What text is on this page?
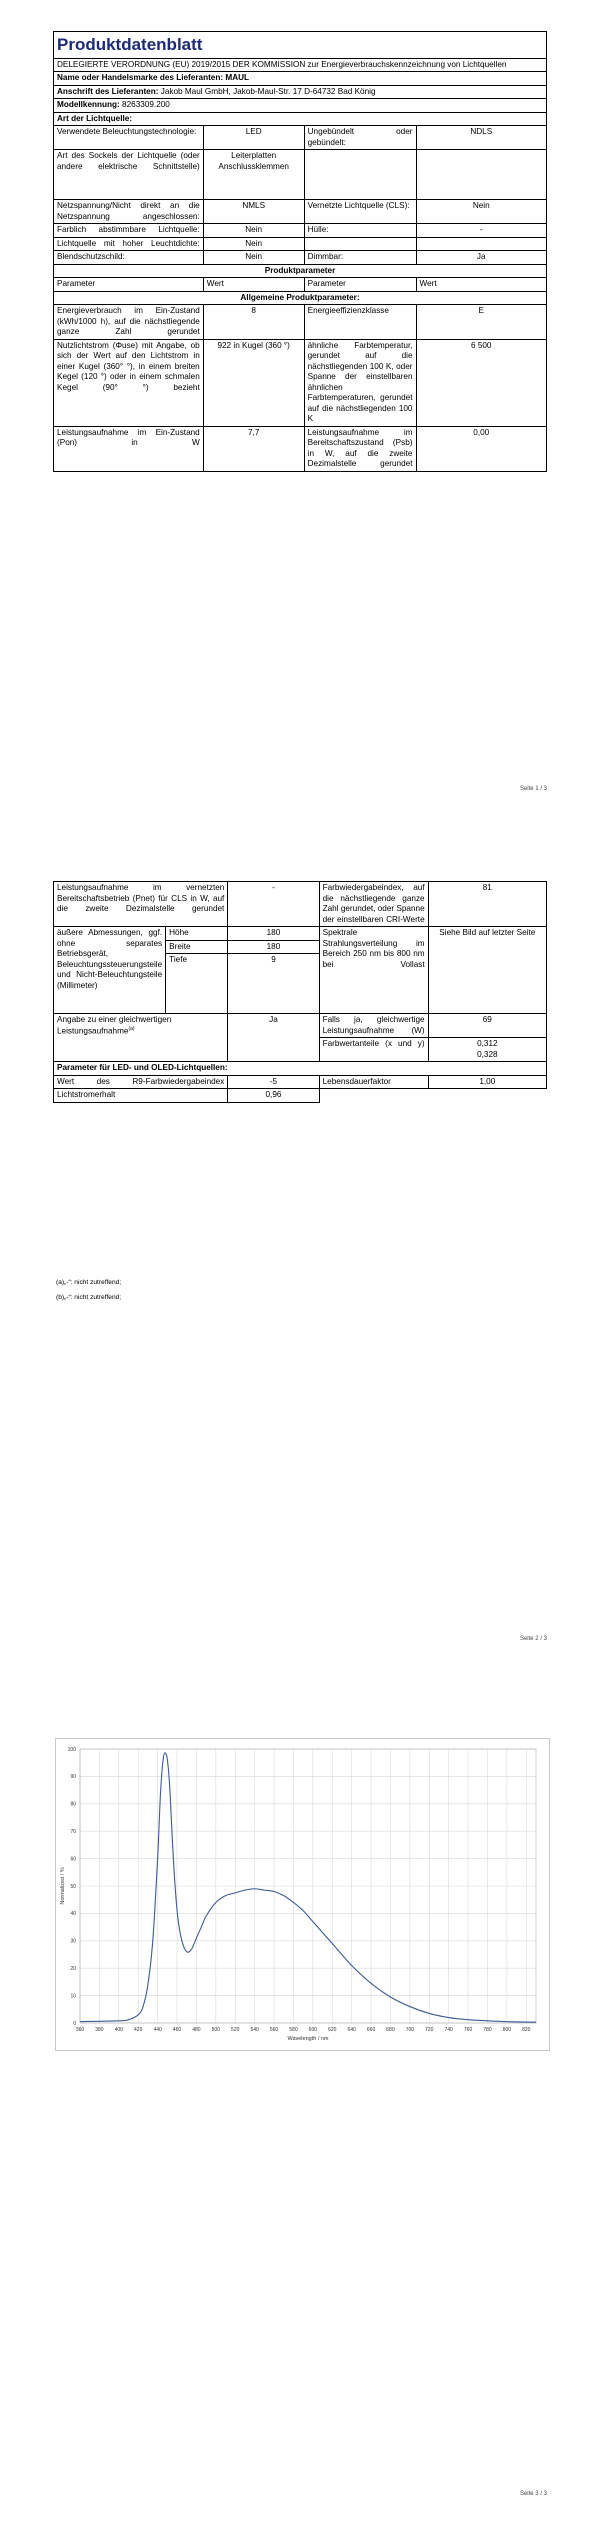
Produktdatenblatt			
DELEGIERTE VERORDNUNG (EU) 2019/2015 DER KOMMISSION zur Energieverbrauchskennzeichnung von Lichtquellen			
Name oder Handelsmarke des Lieferanten: MAUL			
Anschrift des Lieferanten: Jakob Maul GmbH, Jakob-Maul-Str. 17 D-64732 Bad König			
Modellkennung: 8263309.200			
Art der Lichtquelle:			
Verwendete Beleuchtungstechnologie:	LED	Ungebündelt oder gebündelt:	NDLS
Art des Sockels der Lichtquelle (oder andere elektrische Schnittstelle)	Leiterplatten Anschlussklemmen		
Netzspannung/Nicht direkt an die Netzspannung angeschlossen:	NMLS	Vernetzte Lichtquelle (CLS):	Nein
Farblich abstimmbare Lichtquelle:	Nein	Hülle:	-
Lichtquelle mit hoher Leuchtdichte:	Nein		
Blendschutzschild:	Nein	Dimmbar:	Ja
Produktparameter			
Parameter	Wert	Parameter	Wert
Allgemeine Produktparameter:			
Energieverbrauch im Ein-Zustand (kWh/1000 h), auf die nächstliegende ganze Zahl gerundet	8	Energieeffizienzklasse	E
Nutzlichtstrom (Φuse) mit Angabe, ob sich der Wert auf den Lichtstrom in einer Kugel (360° °), in einem breiten Kegel (120 °) oder in einem schmalen Kegel (90° °) bezieht	922 in Kugel (360 °)	ähnliche Farbtemperatur, gerundet auf die nächstliegenden 100 K, oder Spanne der einstellbaren ähnlichen Farbtemperaturen, gerundet auf die nächstliegenden 100 K	6 500
Leistungsaufnahme im Ein-Zustand (Pon) in W	7,7	Leistungsaufnahme im Bereitschaftszustand (Psb) in W, auf die zweite Dezimalstelle gerundet	0,00
Seite 1 / 3
Leistungsaufnahme im vernetzten Bereitschaftsbetrieb (Pnet) für CLS in W, auf die zweite Dezimalstelle gerundet		-	Farbwiedergabeindex, auf die nächstliegende ganze Zahl gerundet, oder Spanne der einstellbaren CRI-Werte	81
äußere Abmessungen, ggf. ohne separates Betriebsgerät, Beleuchtungssteuerungsteile und Nicht-Beleuchtungsteile (Millimeter)	Höhe	180	Spektrale Strahlungsverteilung im Bereich 250 nm bis 800 nm bei Vollast	Siehe Bild auf letzter Seite
	Breite	180		
	Tiefe	9		
Angabe zu einer gleichwertigen Leistungsaufnahme$^{(a)}$		Ja	Falls ja, gleichwertige Leistungsaufnahme (W)	69
			Farbwertanteile (x und y)	0,312
0,328

Parameter für LED- und OLED-Lichtquellen:				
Wert des R9-Farbwiedergabeindex		-5	Lebensdauerfaktor	1,00
Lichtstromerhalt		0,96		
(a)„-“: nicht zutreffend;
(b)„-“: nicht zutreffend;
Seite 2 / 3
0
10
20
30
40
50
60
70
80
90
100
360 380 400 420 440 460 480 500 520 540 560 580 600 620 640 660 680 700 720 740 760 780 800 820
Wavelength / nm
Normalized / %
Seite 3 / 3
